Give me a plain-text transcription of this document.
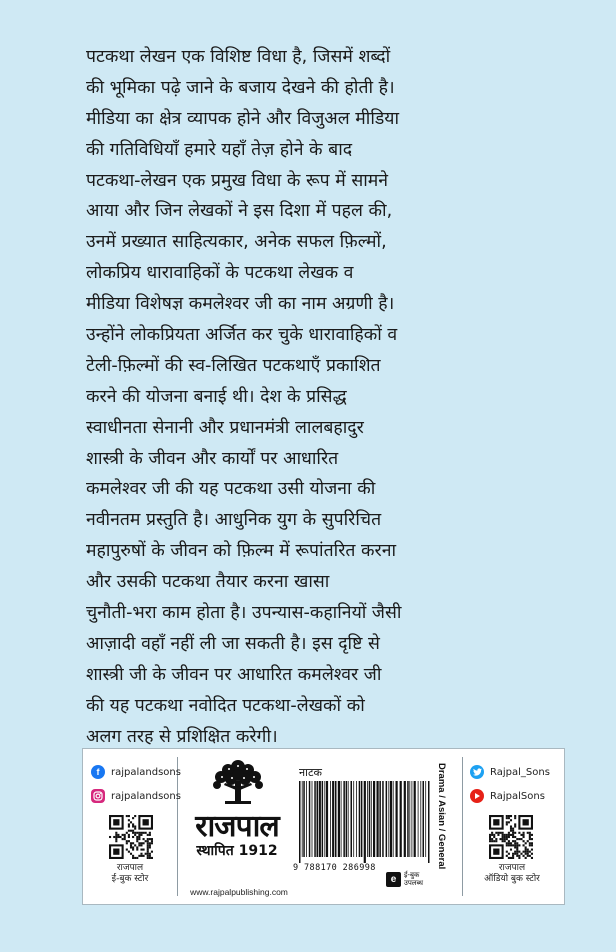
पटकथा लेखन एक विशिष्ट विधा है, जिसमें शब्दों
की भूमिका पढ़े जाने के बजाय देखने की होती है।
मीडिया का क्षेत्र व्यापक होने और विजुअल मीडिया
की गतिविधियाँ हमारे यहाँ तेज़ होने के बाद
पटकथा-लेखन एक प्रमुख विधा के रूप में सामने
आया और जिन लेखकों ने इस दिशा में पहल की,
उनमें प्रख्यात साहित्यकार, अनेक सफल फ़िल्मों,
लोकप्रिय धारावाहिकों के पटकथा लेखक व
मीडिया विशेषज्ञ कमलेश्वर जी का नाम अग्रणी है।
उन्होंने लोकप्रियता अर्जित कर चुके धारावाहिकों व
टेली-फ़िल्मों की स्व-लिखित पटकथाएँ प्रकाशित
करने की योजना बनाई थी। देश के प्रसिद्ध
स्वाधीनता सेनानी और प्रधानमंत्री लालबहादुर
शास्त्री के जीवन और कार्यों पर आधारित
कमलेश्वर जी की यह पटकथा उसी योजना की
नवीनतम प्रस्तुति है। आधुनिक युग के सुपरिचित
महापुरुषों के जीवन को फ़िल्म में रूपांतरित करना
और उसकी पटकथा तैयार करना खासा
चुनौती-भरा काम होता है। उपन्यास-कहानियों जैसी
आज़ादी वहाँ नहीं ली जा सकती है। इस दृष्टि से
शास्त्री जी के जीवन पर आधारित कमलेश्वर जी
की यह पटकथा नवोदित पटकथा-लेखकों को
अलग तरह से प्रशिक्षित करेगी।
f	rajpalandsons
rajpalandsons
राजपाल
ई-बुक स्टोर
राजपाल
स्थापित 1912
www.rajpalpublishing.com
नाटक
9 788170 286998	Drama / Asian / General
e	ई-बुक
उपलब्ध
Rajpal_Sons
RajpalSons
राजपाल
ऑडियो बुक स्टोर
